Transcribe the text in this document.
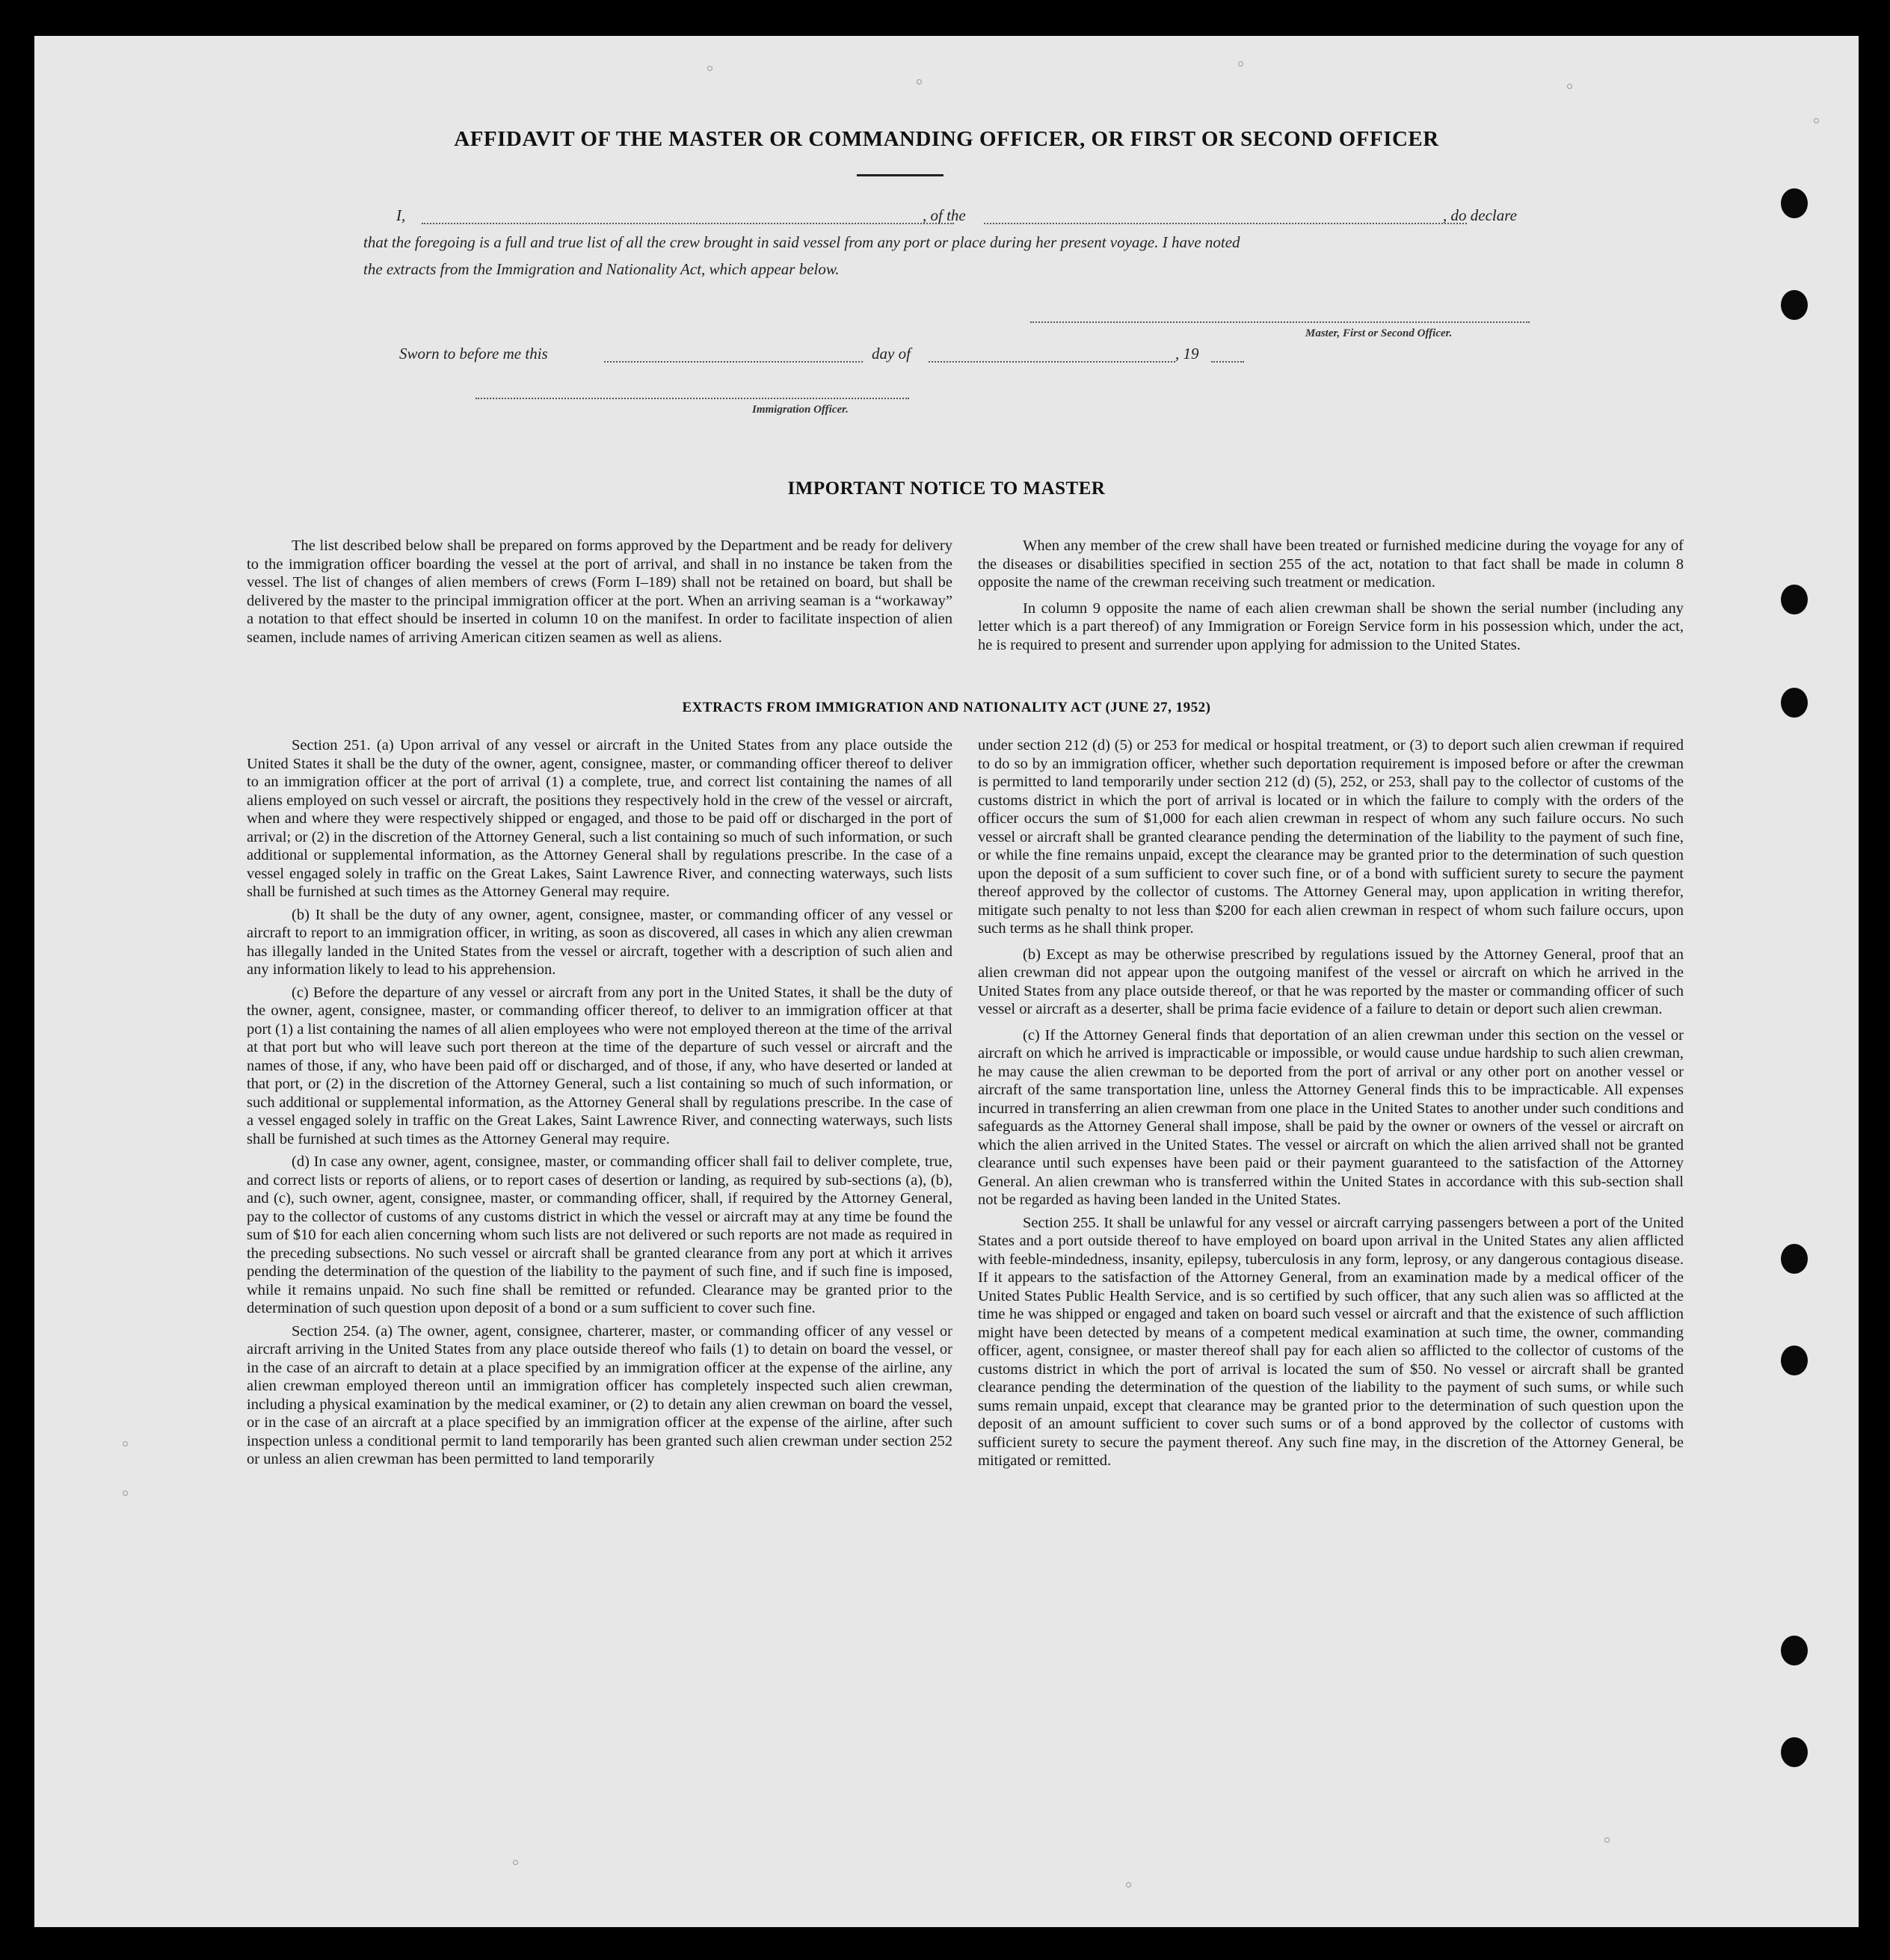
AFFIDAVIT OF THE MASTER OR COMMANDING OFFICER, OR FIRST OR SECOND OFFICER
I,	, of the	, do declare
that the foregoing is a full and true list of all the crew brought in said vessel from any port or place during her present voyage. I have noted
the extracts from the Immigration and Nationality Act, which appear below.
Master, First or Second Officer.
Sworn to before me this	day of	, 19
Immigration Officer.
IMPORTANT NOTICE TO MASTER

The list described below shall be prepared on forms approved by the Department and be ready for delivery to the immigration officer boarding the vessel at the port of arrival, and shall in no instance be taken from the vessel. The list of changes of alien members of crews (Form I–189) shall not be retained on board, but shall be delivered by the master to the principal immigration officer at the port. When an arriving seaman is a “workaway” a notation to that effect should be inserted in column 10 on the manifest. In order to facilitate inspection of alien seamen, include names of arriving American citizen seamen as well as aliens.

When any member of the crew shall have been treated or furnished medicine during the voyage for any of the diseases or disabilities specified in section 255 of the act, notation to that fact shall be made in column 8 opposite the name of the crewman receiving such treatment or medication.

In column 9 opposite the name of each alien crewman shall be shown the serial number (including any letter which is a part thereof) of any Immigration or Foreign Service form in his possession which, under the act, he is required to present and surrender upon applying for admission to the United States.

EXTRACTS FROM IMMIGRATION AND NATIONALITY ACT (JUNE 27, 1952)

Section 251. (a) Upon arrival of any vessel or aircraft in the United States from any place outside the United States it shall be the duty of the owner, agent, consignee, master, or commanding officer thereof to deliver to an immigration officer at the port of arrival (1) a complete, true, and correct list containing the names of all aliens employed on such vessel or aircraft, the positions they respectively hold in the crew of the vessel or aircraft, when and where they were respectively shipped or engaged, and those to be paid off or discharged in the port of arrival; or (2) in the discretion of the Attorney General, such a list containing so much of such information, or such additional or supplemental information, as the Attorney General shall by regulations prescribe. In the case of a vessel engaged solely in traffic on the Great Lakes, Saint Lawrence River, and connecting waterways, such lists shall be furnished at such times as the Attorney General may require.

(b) It shall be the duty of any owner, agent, consignee, master, or commanding officer of any vessel or aircraft to report to an immigration officer, in writing, as soon as discovered, all cases in which any alien crewman has illegally landed in the United States from the vessel or aircraft, together with a description of such alien and any information likely to lead to his apprehension.

(c) Before the departure of any vessel or aircraft from any port in the United States, it shall be the duty of the owner, agent, consignee, master, or commanding officer thereof, to deliver to an immigration officer at that port (1) a list containing the names of all alien employees who were not employed thereon at the time of the arrival at that port but who will leave such port thereon at the time of the departure of such vessel or aircraft and the names of those, if any, who have been paid off or discharged, and of those, if any, who have deserted or landed at that port, or (2) in the discretion of the Attorney General, such a list containing so much of such information, or such additional or supplemental information, as the Attorney General shall by regulations prescribe. In the case of a vessel engaged solely in traffic on the Great Lakes, Saint Lawrence River, and connecting waterways, such lists shall be furnished at such times as the Attorney General may require.

(d) In case any owner, agent, consignee, master, or commanding officer shall fail to deliver complete, true, and correct lists or reports of aliens, or to report cases of desertion or landing, as required by sub-sections (a), (b), and (c), such owner, agent, consignee, master, or commanding officer, shall, if required by the Attorney General, pay to the collector of customs of any customs district in which the vessel or aircraft may at any time be found the sum of $10 for each alien concerning whom such lists are not delivered or such reports are not made as required in the preceding subsections. No such vessel or aircraft shall be granted clearance from any port at which it arrives pending the determination of the question of the liability to the payment of such fine, and if such fine is imposed, while it remains unpaid. No such fine shall be remitted or refunded. Clearance may be granted prior to the determination of such question upon deposit of a bond or a sum sufficient to cover such fine.

Section 254. (a) The owner, agent, consignee, charterer, master, or commanding officer of any vessel or aircraft arriving in the United States from any place outside thereof who fails (1) to detain on board the vessel, or in the case of an aircraft to detain at a place specified by an immigration officer at the expense of the airline, any alien crewman employed thereon until an immigration officer has completely inspected such alien crewman, including a physical examination by the medical examiner, or (2) to detain any alien crewman on board the vessel, or in the case of an aircraft at a place specified by an immigration officer at the expense of the airline, after such inspection unless a conditional permit to land temporarily has been granted such alien crewman under section 252 or unless an alien crewman has been permitted to land temporarily

under section 212 (d) (5) or 253 for medical or hospital treatment, or (3) to deport such alien crewman if required to do so by an immigration officer, whether such deportation requirement is imposed before or after the crewman is permitted to land temporarily under section 212 (d) (5), 252, or 253, shall pay to the collector of customs of the customs district in which the port of arrival is located or in which the failure to comply with the orders of the officer occurs the sum of $1,000 for each alien crewman in respect of whom any such failure occurs. No such vessel or aircraft shall be granted clearance pending the determination of the liability to the payment of such fine, or while the fine remains unpaid, except the clearance may be granted prior to the determination of such question upon the deposit of a sum sufficient to cover such fine, or of a bond with sufficient surety to secure the payment thereof approved by the collector of customs. The Attorney General may, upon application in writing therefor, mitigate such penalty to not less than $200 for each alien crewman in respect of whom such failure occurs, upon such terms as he shall think proper.

(b) Except as may be otherwise prescribed by regulations issued by the Attorney General, proof that an alien crewman did not appear upon the outgoing manifest of the vessel or aircraft on which he arrived in the United States from any place outside thereof, or that he was reported by the master or commanding officer of such vessel or aircraft as a deserter, shall be prima facie evidence of a failure to detain or deport such alien crewman.

(c) If the Attorney General finds that deportation of an alien crewman under this section on the vessel or aircraft on which he arrived is impracticable or impossible, or would cause undue hardship to such alien crewman, he may cause the alien crewman to be deported from the port of arrival or any other port on another vessel or aircraft of the same transportation line, unless the Attorney General finds this to be impracticable. All expenses incurred in transferring an alien crewman from one place in the United States to another under such conditions and safeguards as the Attorney General shall impose, shall be paid by the owner or owners of the vessel or aircraft on which the alien arrived in the United States. The vessel or aircraft on which the alien arrived shall not be granted clearance until such expenses have been paid or their payment guaranteed to the satisfaction of the Attorney General. An alien crewman who is transferred within the United States in accordance with this sub-section shall not be regarded as having been landed in the United States.

Section 255. It shall be unlawful for any vessel or aircraft carrying passengers between a port of the United States and a port outside thereof to have employed on board upon arrival in the United States any alien afflicted with feeble-mindedness, insanity, epilepsy, tuberculosis in any form, leprosy, or any dangerous contagious disease. If it appears to the satisfaction of the Attorney General, from an examination made by a medical officer of the United States Public Health Service, and is so certified by such officer, that any such alien was so afflicted at the time he was shipped or engaged and taken on board such vessel or aircraft and that the existence of such affliction might have been detected by means of a competent medical examination at such time, the owner, commanding officer, agent, consignee, or master thereof shall pay for each alien so afflicted to the collector of customs of the customs district in which the port of arrival is located the sum of $50. No vessel or aircraft shall be granted clearance pending the determination of the question of the liability to the payment of such sums, or while such sums remain unpaid, except that clearance may be granted prior to the determination of such question upon the deposit of an amount sufficient to cover such sums or of a bond approved by the collector of customs with sufficient surety to secure the payment thereof. Any such fine may, in the discretion of the Attorney General, be mitigated or remitted.
